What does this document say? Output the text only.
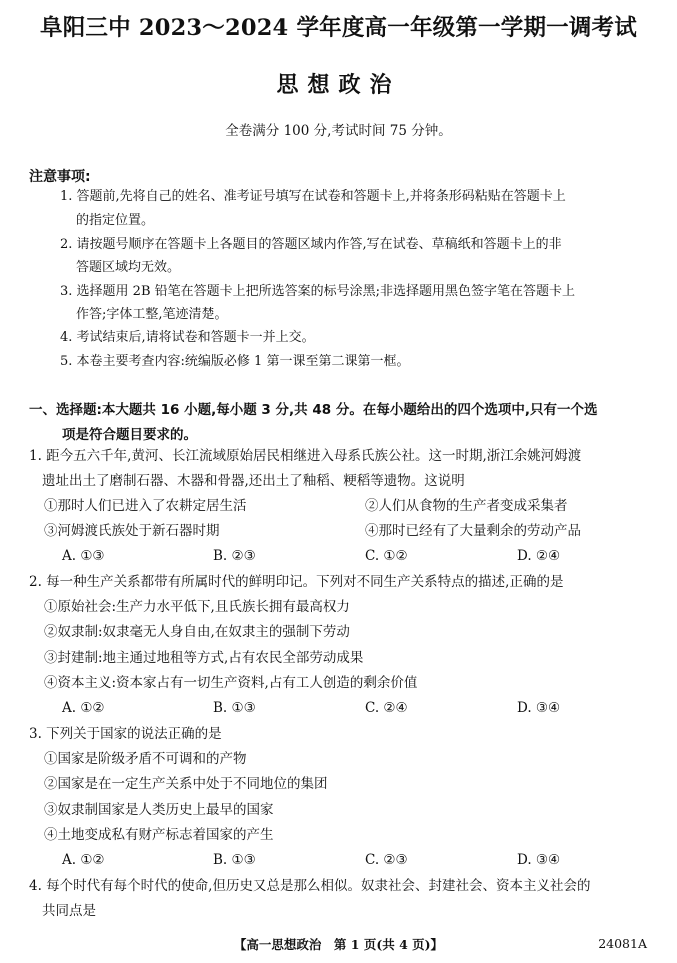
阜阳三中 2023～2024 学年度高一年级第一学期一调考试
思想政治
全卷满分 100 分,考试时间 75 分钟。
注意事项:
1. 答题前,先将自己的姓名、准考证号填写在试卷和答题卡上,并将条形码粘贴在答题卡上
的指定位置。
2. 请按题号顺序在答题卡上各题目的答题区域内作答,写在试卷、草稿纸和答题卡上的非
答题区域均无效。
3. 选择题用 2B 铅笔在答题卡上把所选答案的标号涂黑;非选择题用黑色签字笔在答题卡上
作答;字体工整,笔迹清楚。
4. 考试结束后,请将试卷和答题卡一并上交。
5. 本卷主要考查内容:统编版必修 1 第一课至第二课第一框。
一、选择题:本大题共 16 小题,每小题 3 分,共 48 分。在每小题给出的四个选项中,只有一个选
项是符合题目要求的。
1. 距今五六千年,黄河、长江流域原始居民相继进入母系氏族公社。这一时期,浙江余姚河姆渡
遗址出土了磨制石器、木器和骨器,还出土了釉稻、粳稻等遗物。这说明
①那时人们已进入了农耕定居生活	②人们从食物的生产者变成采集者
③河姆渡氏族处于新石器时期	④那时已经有了大量剩余的劳动产品
A. ①③	B. ②③	C. ①②	D. ②④
2. 每一种生产关系都带有所属时代的鲜明印记。下列对不同生产关系特点的描述,正确的是
①原始社会:生产力水平低下,且氏族长拥有最高权力
②奴隶制:奴隶毫无人身自由,在奴隶主的强制下劳动
③封建制:地主通过地租等方式,占有农民全部劳动成果
④资本主义:资本家占有一切生产资料,占有工人创造的剩余价值
A. ①②	B. ①③	C. ②④	D. ③④
3. 下列关于国家的说法正确的是
①国家是阶级矛盾不可调和的产物
②国家是在一定生产关系中处于不同地位的集团
③奴隶制国家是人类历史上最早的国家
④土地变成私有财产标志着国家的产生
A. ①②	B. ①③	C. ②③	D. ③④
4. 每个时代有每个时代的使命,但历史又总是那么相似。奴隶社会、封建社会、资本主义社会的
共同点是
【高一思想政治　第 1 页(共 4 页)】	24081A
